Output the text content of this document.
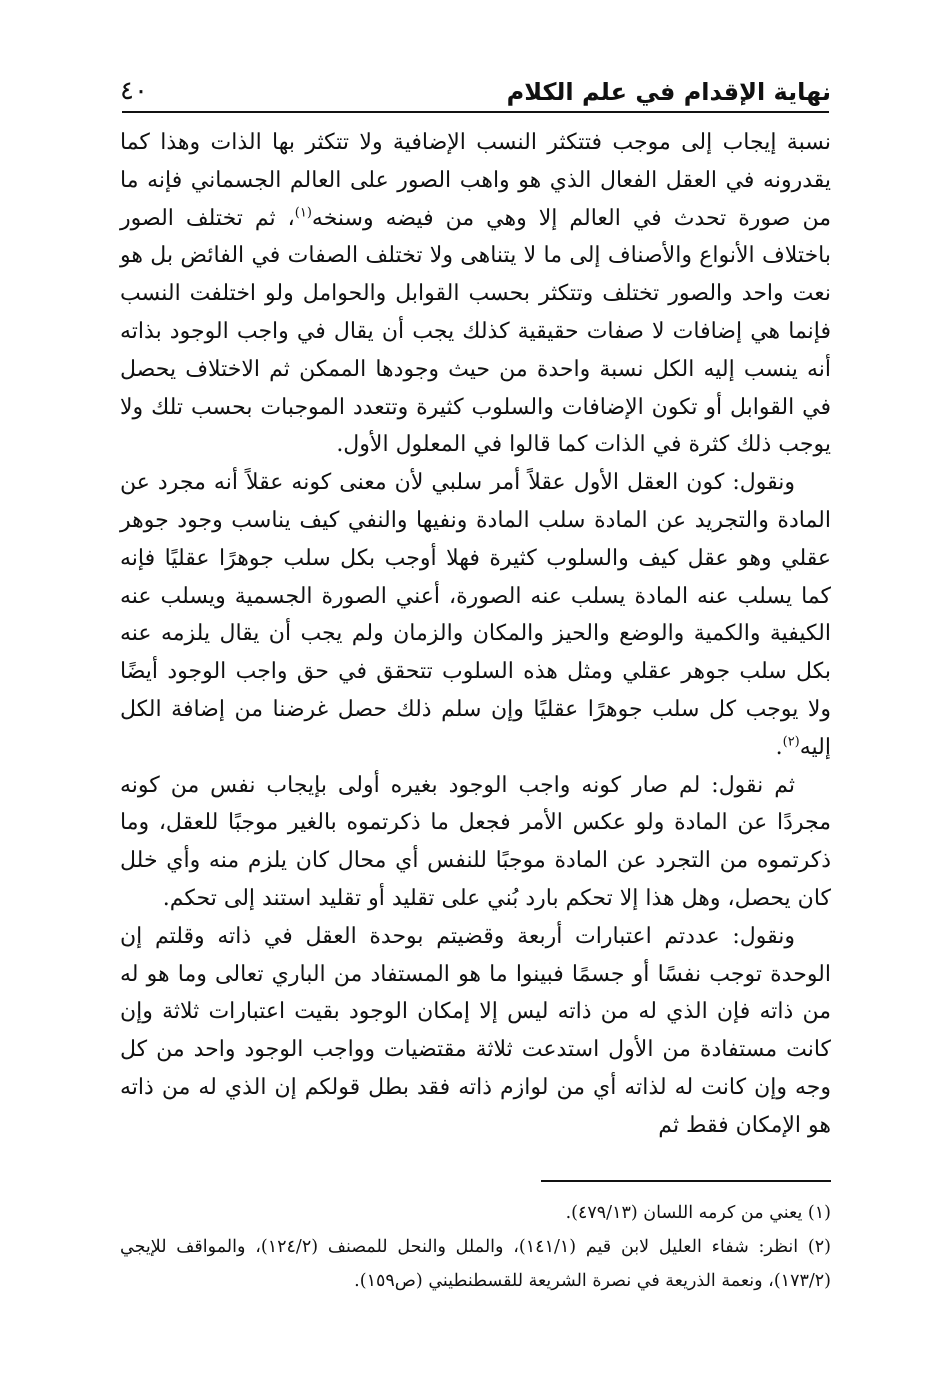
نهاية الإقدام في علم الكلام
٤٠

نسبة إيجاب إلى موجب فتتكثر النسب الإضافية ولا تتكثر بها الذات وهذا كما يقدرونه في العقل الفعال الذي هو واهب الصور على العالم الجسماني فإنه ما من صورة تحدث في العالم إلا وهي من فيضه وسنخه$^{(١)}$، ثم تختلف الصور باختلاف الأنواع والأصناف إلى ما لا يتناهى ولا تختلف الصفات في الفائض بل هو نعت واحد والصور تختلف وتتكثر بحسب القوابل والحوامل ولو اختلفت النسب فإنما هي إضافات لا صفات حقيقية كذلك يجب أن يقال في واجب الوجود بذاته أنه ينسب إليه الكل نسبة واحدة من حيث وجودها الممكن ثم الاختلاف يحصل في القوابل أو تكون الإضافات والسلوب كثيرة وتتعدد الموجبات بحسب تلك ولا يوجب ذلك كثرة في الذات كما قالوا في المعلول الأول.

ونقول: كون العقل الأول عقلاً أمر سلبي لأن معنى كونه عقلاً أنه مجرد عن المادة والتجريد عن المادة سلب المادة ونفيها والنفي كيف يناسب وجود جوهر عقلي وهو عقل كيف والسلوب كثيرة فهلا أوجب بكل سلب جوهرًا عقليًا فإنه كما يسلب عنه المادة يسلب عنه الصورة، أعني الصورة الجسمية ويسلب عنه الكيفية والكمية والوضع والحيز والمكان والزمان ولم يجب أن يقال يلزمه عنه بكل سلب جوهر عقلي ومثل هذه السلوب تتحقق في حق واجب الوجود أيضًا ولا يوجب كل سلب جوهرًا عقليًا وإن سلم ذلك حصل غرضنا من إضافة الكل إليه$^{(٢)}$.

ثم نقول: لم صار كونه واجب الوجود بغيره أولى بإيجاب نفس من كونه مجردًا عن المادة ولو عكس الأمر فجعل ما ذكرتموه بالغير موجبًا للعقل، وما ذكرتموه من التجرد عن المادة موجبًا للنفس أي محال كان يلزم منه وأي خلل كان يحصل، وهل هذا إلا تحكم بارد بُني على تقليد أو تقليد استند إلى تحكم.

ونقول: عددتم اعتبارات أربعة وقضيتم بوحدة العقل في ذاته وقلتم إن الوحدة توجب نفسًا أو جسمًا فبينوا ما هو المستفاد من الباري تعالى وما هو له من ذاته فإن الذي له من ذاته ليس إلا إمكان الوجود بقيت اعتبارات ثلاثة وإن كانت مستفادة من الأول استدعت ثلاثة مقتضيات وواجب الوجود واحد من كل وجه وإن كانت له لذاته أي من لوازم ذاته فقد بطل قولكم إن الذي له من ذاته هو الإمكان فقط ثم

(١) يعني من كرمه اللسان (٤٧٩/١٣).

(٢) انظر: شفاء العليل لابن قيم (١٤١/١)، والملل والنحل للمصنف (١٢٤/٢)، والمواقف للإيجي (١٧٣/٢)، ونعمة الذريعة في نصرة الشريعة للقسطنطيني (ص١٥٩).
